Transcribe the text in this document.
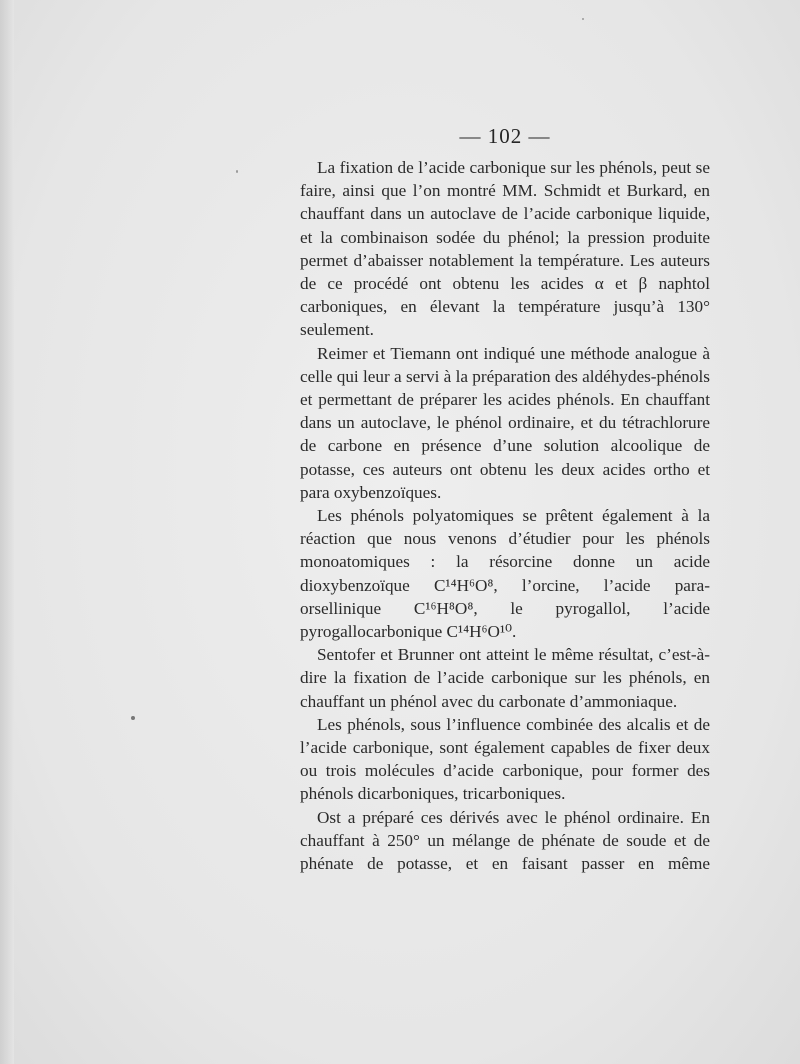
— 102 —

La fixation de l’acide carbonique sur les phénols, peut se faire, ainsi que l’on montré MM. Schmidt et Burkard, en chauffant dans un autoclave de l’acide carbonique liquide, et la combinaison sodée du phénol; la pression produite permet d’abaisser notablement la température. Les auteurs de ce procédé ont obtenu les acides α et β naphtol carboniques, en élevant la température jusqu’à 130° seulement.

Reimer et Tiemann ont indiqué une méthode analogue à celle qui leur a servi à la préparation des aldéhydes-phénols et permettant de préparer les acides phénols. En chauffant dans un autoclave, le phénol ordinaire, et du tétrachlorure de carbone en présence d’une solution alcoolique de potasse, ces auteurs ont obtenu les deux acides ortho et para oxybenzoïques.

Les phénols polyatomiques se prêtent également à la réaction que nous venons d’étudier pour les phénols monoatomiques : la résorcine donne un acide dioxybenzoïque C¹⁴H⁶O⁸, l’orcine, l’acide para-orsellinique C¹⁶H⁸O⁸, le pyrogallol, l’acide pyrogallocarbonique C¹⁴H⁶O¹⁰.

Sentofer et Brunner ont atteint le même résultat, c’est-à-dire la fixation de l’acide carbonique sur les phénols, en chauffant un phénol avec du carbonate d’ammoniaque.

Les phénols, sous l’influence combinée des alcalis et de l’acide carbonique, sont également capables de fixer deux ou trois molécules d’acide carbonique, pour former des phénols dicarboniques, tricarboniques.

Ost a préparé ces dérivés avec le phénol ordinaire. En chauffant à 250° un mélange de phénate de soude et de phénate de potasse, et en faisant passer en même
